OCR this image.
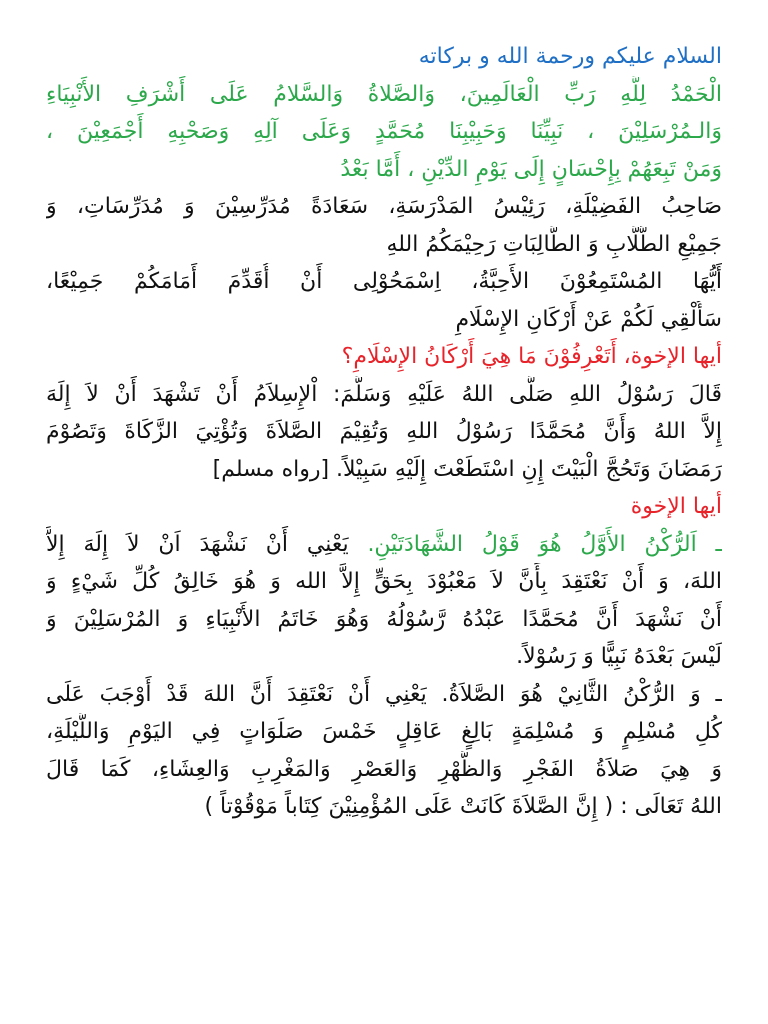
السلام عليكم ورحمة الله و بركاته
الْحَمْدُ لِلَّهِ رَبِّ الْعَالَمِينَ، وَالصَّلاةُ وَالسَّلامُ عَلَى أَشْرَفِ الأَنْبِيَاءِ
وَالـمُرْسَلِيْنَ ، نَبِيِّنَا وَحَبِيْبِنَا مُحَمَّدٍ وَعَلَى آلِهِ وَصَحْبِهِ أَجْمَعِيْنَ ،
وَمَنْ تَبِعَهُمْ بِإِحْسَانٍ إِلَى يَوْمِ الدِّيْنِ ، أَمَّا بَعْدُ
صَاحِبُ الفَضِيْلَةِ، رَئِيْسُ المَدْرَسَةِ، سَعَادَةً مُدَرِّسِيْنَ وَ مُدَرِّسَاتِ، وَ
جَمِيْعِ الطُّلَّابِ وَ الطَّالِبَاتِ رَحِيْمَكُمُ اللهِ
أَيُّهَا المُسْتَمِعُوْنَ الأَحِبَّةُ، اِسْمَحُوْلِى أَنْ أُقَدِّمَ أَمَامَكُمْ جَمِيْعًا،
سَأُلْقِي لَكُمْ عَنْ أَرْكَانِ الإِسْلَامِ
أيها الإخوة، أَتَعْرِفُوْنَ مَا هِيَ أَرْكَانُ الإِسْلَامِ؟
قَالَ رَسُوْلُ اللهِ صَلَّى اللهُ عَلَيْهِ وَسَلَّمَ: اْلإِسِلاَمُ أَنْ تَشْهَدَ أَنْ لاَ إِلَهَ
إِلاَّ اللهُ وَأَنَّ مُحَمَّدًا رَسُوْلُ اللهِ وَتُقِيْمَ الصَّلاَةَ وَتُؤْتِيَ الزَّكَاةَ وَتَصُوْمَ
رَمَضَانَ وَتَحُجَّ الْبَيْتَ إِنِ اسْتَطَعْتَ إِلَيْهِ سَبِيْلاً. [رواه مسلم]
أيها الإخوة
ـ اَلرُّكْنُ الأَوَّلُ هُوَ قَوْلُ الشَّهَادَتَيْنِ. يَعْنِي أَنْ نَشْهَدَ اَنْ لاَ إِلَهَ إِلاَّ
اللهَ، وَ أَنْ نَعْتَقِدَ بِأَنَّ لاَ مَعْبُوْدَ بِحَقٍّ إِلاَّ الله وَ هُوَ خَالِقُ كُلِّ شَيْءٍ وَ
أَنْ نَشْهَدَ أَنَّ مُحَمَّدًا عَبْدُهُ رَّسُوْلُهُ وَهُوَ خَاتَمُ الأَنْبِيَاءِ وَ المُرْسَلِيْنَ وَ
لَيْسَ بَعْدَهُ نَبِيًّا وَ رَسُوْلاً.
ـ وَ الرُّكْنُ الثَّانِيْ هُوَ الصَّلاَةُ. يَعْنِي أَنْ نَعْتَقِدَ أَنَّ اللهَ قَدْ أَوْجَبَ عَلَى
كُلِ مُسْلِمٍ وَ مُسْلِمَةٍ بَالِغٍ عَاقِلٍ خَمْسَ صَلَوَاتٍ فِي اليَوْمِ وَاللَّيْلَةِ،
وَ هِيَ صَلاَةُ الفَجْرِ وَالظُّهْرِ وَالعَصْرِ وَالمَغْرِبِ وَالعِشَاءِ، كَمَا قَالَ
اللهُ تَعَالَى : ( إِنَّ الصَّلاَةَ كَانَتْ عَلَى المُؤْمِنِيْنَ كِتَاباً مَوْقُوْتاً )
